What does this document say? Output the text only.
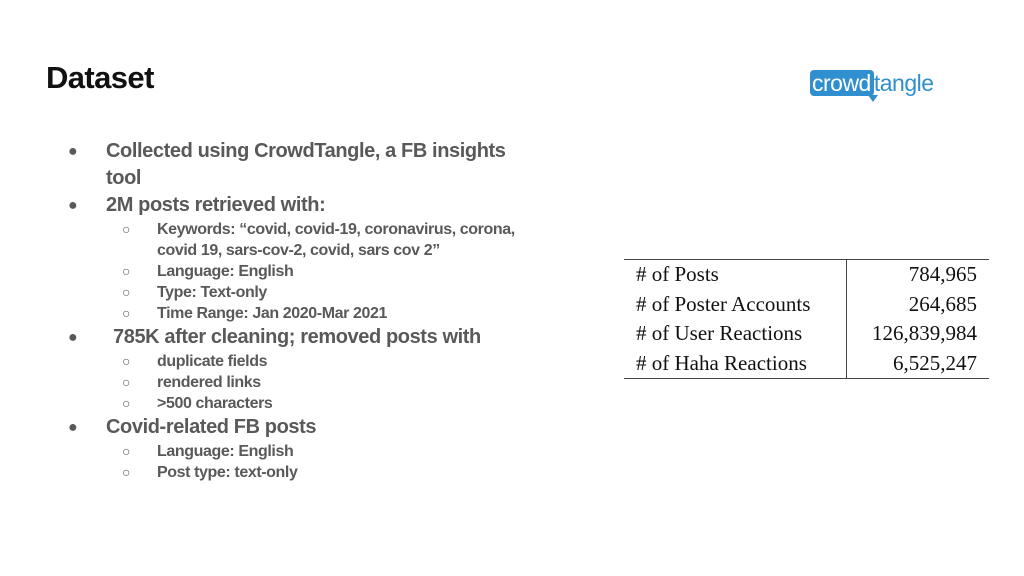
Dataset	crowd tangle
● Collected using CrowdTangle, a FB insights
tool
● 2M posts retrieved with:
○ Keywords: “covid, covid-19, coronavirus, corona,
covid 19, sars-cov-2, covid, sars cov 2”
○ Language: English
○ Type: Text-only
○ Time Range: Jan 2020-Mar 2021
●	785K after cleaning; removed posts with
○ duplicate fields
○ rendered links
○ >500 characters
● Covid-related FB posts
○ Language: English
○ Post type: text-only
# of Posts	784,965
# of Poster Accounts	264,685
# of User Reactions	126,839,984
# of Haha Reactions	6,525,247
